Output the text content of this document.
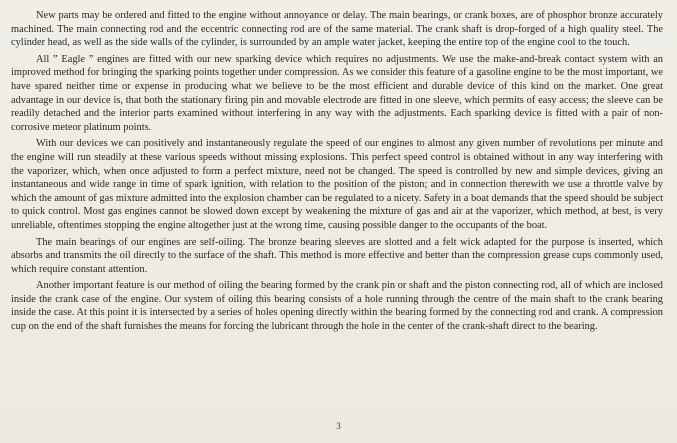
New parts may be ordered and fitted to the engine without annoyance or delay. The main bearings, or crank boxes, are of phosphor bronze accurately machined. The main connecting rod and the eccentric connecting rod are of the same material. The crank shaft is drop-forged of a high quality steel. The cylinder head, as well as the side walls of the cylinder, is surrounded by an ample water jacket, keeping the entire top of the engine cool to the touch.

All ” Eagle ” engines are fitted with our new sparking device which requires no adjustments. We use the make-and-break contact system with an improved method for bringing the sparking points together under compression. As we consider this feature of a gasoline engine to be the most important, we have spared neither time or expense in producing what we believe to be the most efficient and durable device of this kind on the market. One great advantage in our device is, that both the stationary firing pin and movable electrode are fitted in one sleeve, which permits of easy access; the sleeve can be readily detached and the interior parts examined without interfering in any way with the adjustments. Each sparking device is fitted with a pair of non-corrosive meteor platinum points.

With our devices we can positively and instantaneously regulate the speed of our engines to almost any given number of revolutions per minute and the engine will run steadily at these various speeds without missing explosions. This perfect speed control is obtained without in any way interfering with the vaporizer, which, when once adjusted to form a perfect mixture, need not be changed. The speed is controlled by new and simple devices, giving an instantaneous and wide range in time of spark ignition, with relation to the position of the piston; and in connection therewith we use a throttle valve by which the amount of gas mixture admitted into the explosion chamber can be regulated to a nicety. Safety in a boat demands that the speed should be subject to quick control. Most gas engines cannot be slowed down except by weakening the mixture of gas and air at the vaporizer, which method, at best, is very unreliable, oftentimes stopping the engine altogether just at the wrong time, causing possible danger to the occupants of the boat.

The main bearings of our engines are self-oiling. The bronze bearing sleeves are slotted and a felt wick adapted for the purpose is inserted, which absorbs and transmits the oil directly to the surface of the shaft. This method is more effective and better than the compression grease cups commonly used, which require constant attention.

Another important feature is our method of oiling the bearing formed by the crank pin or shaft and the piston connecting rod, all of which are inclosed inside the crank case of the engine. Our system of oiling this bearing consists of a hole running through the centre of the main shaft to the crank bearing inside the case. At this point it is intersected by a series of holes opening directly within the bearing formed by the connecting rod and crank. A compression cup on the end of the shaft furnishes the means for forcing the lubricant through the hole in the center of the crank-shaft direct to the bearing.

3
